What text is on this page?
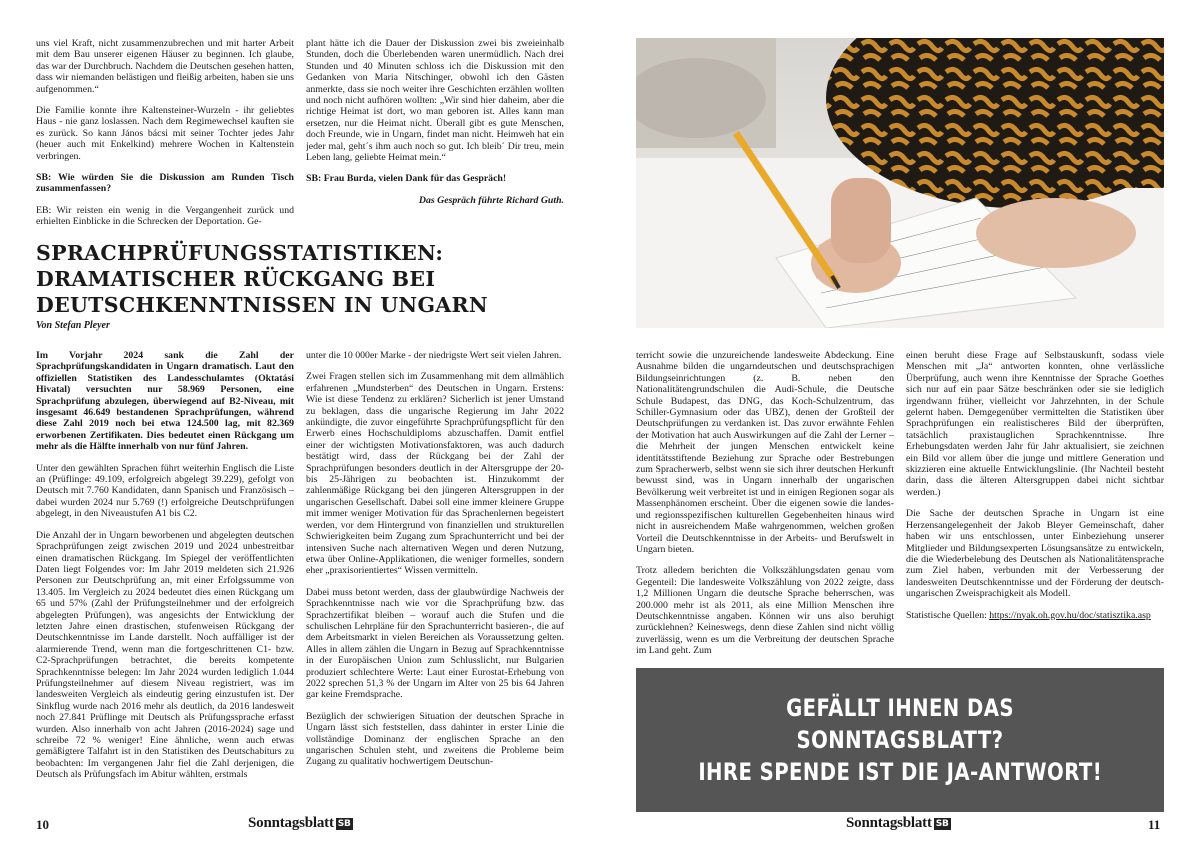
uns viel Kraft, nicht zusammenzubrechen und mit harter Arbeit mit dem Bau unserer eigenen Häuser zu beginnen. Ich glaube, das war der Durchbruch. Nachdem die Deutschen gesehen hatten, dass wir niemanden belästigen und fleißig arbeiten, haben sie uns aufgenommen.“

Die Familie konnte ihre Kaltensteiner-Wurzeln - ihr geliebtes Haus - nie ganz loslassen. Nach dem Regimewechsel kauften sie es zurück. So kann János bácsi mit seiner Tochter jedes Jahr (heuer auch mit Enkelkind) mehrere Wochen in Kaltenstein verbringen.

SB: Wie würden Sie die Diskussion am Runden Tisch zusammenfassen?

EB: Wir reisten ein wenig in die Vergangenheit zurück und erhielten Einblicke in die Schrecken der Deportation. Ge-

plant hätte ich die Dauer der Diskussion zwei bis zweieinhalb Stunden, doch die Überlebenden waren unermüdlich. Nach drei Stunden und 40 Minuten schloss ich die Diskussion mit den Gedanken von Maria Nitschinger, obwohl ich den Gästen anmerkte, dass sie noch weiter ihre Geschichten erzählen wollten und noch nicht aufhören wollten: „Wir sind hier daheim, aber die richtige Heimat ist dort, wo man geboren ist. Alles kann man ersetzen, nur die Heimat nicht. Überall gibt es gute Menschen, doch Freunde, wie in Ungarn, findet man nicht. Heimweh hat ein jeder mal, geht´s ihm auch noch so gut. Ich bleib´ Dir treu, mein Leben lang, geliebte Heimat mein.“

SB: Frau Burda, vielen Dank für das Gespräch!

Das Gespräch führte Richard Guth.

SPRACHPRÜFUNGSSTATISTIKEN: DRAMATISCHER RÜCKGANG BEI DEUTSCHKENNTNISSEN IN UNGARN
Von Stefan Pleyer

Im Vorjahr 2024 sank die Zahl der Sprachprüfungskandidaten in Ungarn dramatisch. Laut den offiziellen Statistiken des Landesschulamtes (Oktatási Hivatal) versuchten nur 58.969 Personen, eine Sprachprüfung abzulegen, überwiegend auf B2-Niveau, mit insgesamt 46.649 bestandenen Sprachprüfungen, während diese Zahl 2019 noch bei etwa 124.500 lag, mit 82.369 erworbenen Zertifikaten. Dies bedeutet einen Rückgang um mehr als die Hälfte innerhalb von nur fünf Jahren.

Unter den gewählten Sprachen führt weiterhin Englisch die Liste an (Prüflinge: 49.109, erfolgreich abgelegt 39.229), gefolgt von Deutsch mit 7.760 Kandidaten, dann Spanisch und Französisch – dabei wurden 2024 nur 5.769 (!) erfolgreiche Deutschprüfungen abgelegt, in den Niveaustufen A1 bis C2.

Die Anzahl der in Ungarn beworbenen und abgelegten deutschen Sprachprüfungen zeigt zwischen 2019 und 2024 unbestreitbar einen dramatischen Rückgang. Im Spiegel der veröffentlichten Daten liegt Folgendes vor: Im Jahr 2019 meldeten sich 21.926 Personen zur Deutschprüfung an, mit einer Erfolgssumme von 13.405. Im Vergleich zu 2024 bedeutet dies einen Rückgang um 65 und 57% (Zahl der Prüfungsteilnehmer und der erfolgreich abgelegten Prüfungen), was angesichts der Entwicklung der letzten Jahre einen drastischen, stufenweisen Rückgang der Deutschkenntnisse im Lande darstellt. Noch auffälliger ist der alarmierende Trend, wenn man die fortgeschrittenen C1- bzw. C2-Sprachprüfungen betrachtet, die bereits kompetente Sprachkenntnisse belegen: Im Jahr 2024 wurden lediglich 1.044 Prüfungsteilnehmer auf diesem Niveau registriert, was im landesweiten Vergleich als eindeutig gering einzustufen ist. Der Sinkflug wurde nach 2016 mehr als deutlich, da 2016 landesweit noch 27.841 Prüflinge mit Deutsch als Prüfungssprache erfasst wurden. Also innerhalb von acht Jahren (2016-2024) sage und schreibe 72 % weniger! Eine ähnliche, wenn auch etwas gemäßigtere Talfahrt ist in den Statistiken des Deutschabiturs zu beobachten: Im vergangenen Jahr fiel die Zahl derjenigen, die Deutsch als Prüfungsfach im Abitur wählten, erstmals

unter die 10 000er Marke - der niedrigste Wert seit vielen Jahren.

Zwei Fragen stellen sich im Zusammenhang mit dem allmählich erfahrenen „Mundsterben“ des Deutschen in Ungarn. Erstens: Wie ist diese Tendenz zu erklären? Sicherlich ist jener Umstand zu beklagen, dass die ungarische Regierung im Jahr 2022 ankündigte, die zuvor eingeführte Sprachprüfungspflicht für den Erwerb eines Hochschuldiploms abzuschaffen. Damit entfiel einer der wichtigsten Motivationsfaktoren, was auch dadurch bestätigt wird, dass der Rückgang bei der Zahl der Sprachprüfungen besonders deutlich in der Altersgruppe der 20- bis 25-Jährigen zu beobachten ist. Hinzukommt der zahlenmäßige Rückgang bei den jüngeren Altersgruppen in der ungarischen Gesellschaft. Dabei soll eine immer kleinere Gruppe mit immer weniger Motivation für das Sprachenlernen begeistert werden, vor dem Hintergrund von finanziellen und strukturellen Schwierigkeiten beim Zugang zum Sprachunterricht und bei der intensiven Suche nach alternativen Wegen und deren Nutzung, etwa über Online-Applikationen, die weniger formelles, sondern eher „praxisorientiertes“ Wissen vermitteln.

Dabei muss betont werden, dass der glaubwürdige Nachweis der Sprachkenntnisse nach wie vor die Sprachprüfung bzw. das Sprachzertifikat bleiben – worauf auch die Stufen und die schulischen Lehrpläne für den Sprachunterricht basieren-, die auf dem Arbeitsmarkt in vielen Bereichen als Voraussetzung gelten. Alles in allem zählen die Ungarn in Bezug auf Sprachkenntnisse in der Europäischen Union zum Schlusslicht, nur Bulgarien produziert schlechtere Werte: Laut einer Eurostat-Erhebung von 2022 sprechen 51,3 % der Ungarn im Alter von 25 bis 64 Jahren gar keine Fremdsprache.

Bezüglich der schwierigen Situation der deutschen Sprache in Ungarn lässt sich feststellen, dass dahinter in erster Linie die vollständige Dominanz der englischen Sprache an den ungarischen Schulen steht, und zweitens die Probleme beim Zugang zu qualitativ hochwertigem Deutschun-

10	Sonntagsblatt SB

terricht sowie die unzureichende landesweite Abdeckung. Eine Ausnahme bilden die ungarndeutschen und deutschsprachigen Bildungseinrichtungen (z. B. neben den Nationalitätengrundschulen die Audi-Schule, die Deutsche Schule Budapest, das DNG, das Koch-Schulzentrum, das Schiller-Gymnasium oder das UBZ), denen der Großteil der Deutschprüfungen zu verdanken ist. Das zuvor erwähnte Fehlen der Motivation hat auch Auswirkungen auf die Zahl der Lerner – die Mehrheit der jungen Menschen entwickelt keine identitätsstiftende Beziehung zur Sprache oder Bestrebungen zum Spracherwerb, selbst wenn sie sich ihrer deutschen Herkunft bewusst sind, was in Ungarn innerhalb der ungarischen Bevölkerung weit verbreitet ist und in einigen Regionen sogar als Massenphänomen erscheint. Über die eigenen sowie die landes- und regionsspezifischen kulturellen Gegebenheiten hinaus wird nicht in ausreichendem Maße wahrgenommen, welchen großen Vorteil die Deutschkenntnisse in der Arbeits- und Berufswelt in Ungarn bieten.

Trotz alledem berichten die Volkszählungsdaten genau vom Gegenteil: Die landesweite Volkszählung von 2022 zeigte, dass 1,2 Millionen Ungarn die deutsche Sprache beherrschen, was 200.000 mehr ist als 2011, als eine Million Menschen ihre Deutschkenntnisse angaben. Können wir uns also beruhigt zurücklehnen? Keineswegs, denn diese Zahlen sind nicht völlig zuverlässig, wenn es um die Verbreitung der deutschen Sprache im Land geht. Zum

einen beruht diese Frage auf Selbstauskunft, sodass viele Menschen mit „Ja“ antworten konnten, ohne verlässliche Überprüfung, auch wenn ihre Kenntnisse der Sprache Goethes sich nur auf ein paar Sätze beschränken oder sie sie lediglich irgendwann früher, vielleicht vor Jahrzehnten, in der Schule gelernt haben. Demgegenüber vermittelten die Statistiken über Sprachprüfungen ein realistischeres Bild der überprüften, tatsächlich praxistauglichen Sprachkenntnisse. Ihre Erhebungsdaten werden Jahr für Jahr aktualisiert, sie zeichnen ein Bild vor allem über die junge und mittlere Generation und skizzieren eine aktuelle Entwicklungslinie. (Ihr Nachteil besteht darin, dass die älteren Altersgruppen dabei nicht sichtbar werden.)

Die Sache der deutschen Sprache in Ungarn ist eine Herzensangelegenheit der Jakob Bleyer Gemeinschaft, daher haben wir uns entschlossen, unter Einbeziehung unserer Mitglieder und Bildungsexperten Lösungsansätze zu entwickeln, die die Wiederbelebung des Deutschen als Nationalitätensprache zum Ziel haben, verbunden mit der Verbesserung der landesweiten Deutschkenntnisse und der Förderung der deutsch-ungarischen Zweisprachigkeit als Modell.

Statistische Quellen: https://nyak.oh.gov.hu/doc/statisztika.asp

GEFÄLLT IHNEN DAS SONNTAGSBLATT?
IHRE SPENDE IST DIE JA-ANTWORT!
Sonntagsblatt SB	11
